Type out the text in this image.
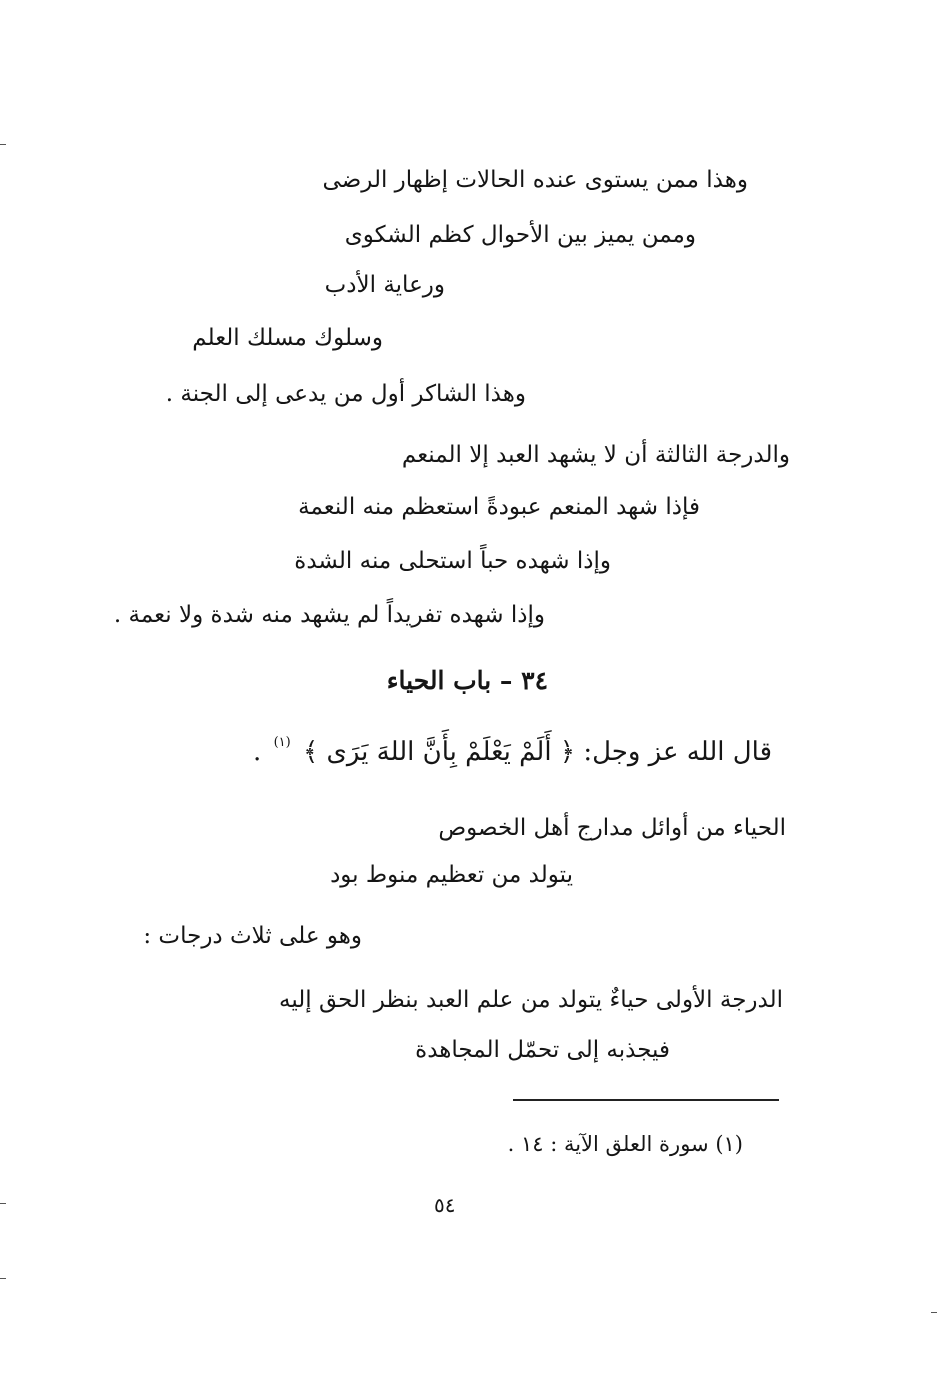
وهذا ممن يستوى عنده الحالات إظهار الرضى
وممن يميز بين الأحوال كظم الشكوى
ورعاية الأدب
وسلوك مسلك العلم
وهذا الشاكر أول من يدعى إلى الجنة .
والدرجة الثالثة أن لا يشهد العبد إلا المنعم
فإذا شهد المنعم عبودةً استعظم منه النعمة
وإذا شهده حباً استحلى منه الشدة
وإذا شهده تفريداً لم يشهد منه شدة ولا نعمة .
٣٤ – باب الحياء
قال الله عز وجل: ﴿ أَلَمْ يَعْلَمْ بِأَنَّ اللهَ يَرَى ﴾ $^{(١)}$ .
الحياء من أوائل مدارج أهل الخصوص
يتولد من تعظيم منوط بود
وهو على ثلاث درجات :
الدرجة الأولى حياءٌ يتولد من علم العبد بنظر الحق إليه
فيجذبه إلى تحمّل المجاهدة
(١) سورة العلق الآية : ١٤ .
٥٤
